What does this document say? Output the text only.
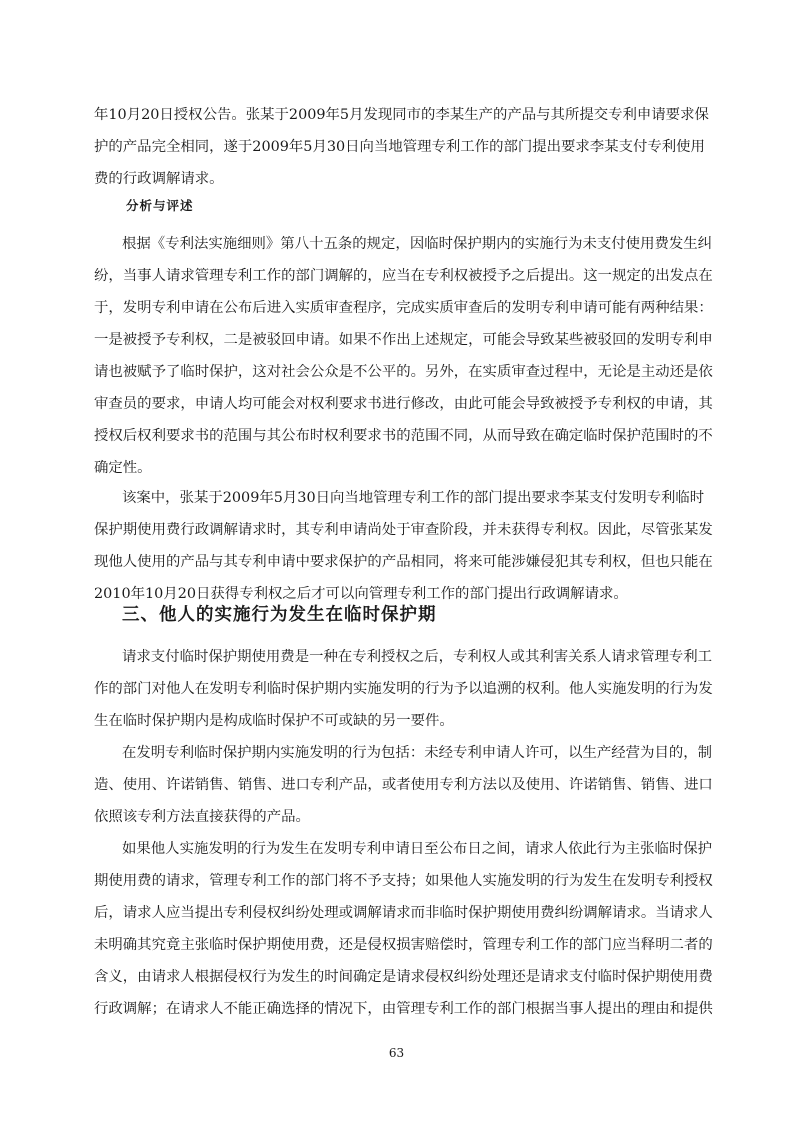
年10月20日授权公告。张某于2009年5月发现同市的李某生产的产品与其所提交专利申请要求保
护的产品完全相同，遂于2009年5月30日向当地管理专利工作的部门提出要求李某支付专利使用
费的行政调解请求。

分析与评述

根据《专利法实施细则》第八十五条的规定，因临时保护期内的实施行为未支付使用费发生纠
纷，当事人请求管理专利工作的部门调解的，应当在专利权被授予之后提出。这一规定的出发点在
于，发明专利申请在公布后进入实质审查程序，完成实质审查后的发明专利申请可能有两种结果：
一是被授予专利权，二是被驳回申请。如果不作出上述规定，可能会导致某些被驳回的发明专利申
请也被赋予了临时保护，这对社会公众是不公平的。另外，在实质审查过程中，无论是主动还是依
审查员的要求，申请人均可能会对权利要求书进行修改，由此可能会导致被授予专利权的申请，其
授权后权利要求书的范围与其公布时权利要求书的范围不同，从而导致在确定临时保护范围时的不
确定性。

该案中，张某于2009年5月30日向当地管理专利工作的部门提出要求李某支付发明专利临时
保护期使用费行政调解请求时，其专利申请尚处于审查阶段，并未获得专利权。因此，尽管张某发
现他人使用的产品与其专利申请中要求保护的产品相同，将来可能涉嫌侵犯其专利权，但也只能在
2010年10月20日获得专利权之后才可以向管理专利工作的部门提出行政调解请求。

三、他人的实施行为发生在临时保护期

请求支付临时保护期使用费是一种在专利授权之后，专利权人或其利害关系人请求管理专利工
作的部门对他人在发明专利临时保护期内实施发明的行为予以追溯的权利。他人实施发明的行为发
生在临时保护期内是构成临时保护不可或缺的另一要件。

在发明专利临时保护期内实施发明的行为包括：未经专利申请人许可，以生产经营为目的，制
造、使用、许诺销售、销售、进口专利产品，或者使用专利方法以及使用、许诺销售、销售、进口
依照该专利方法直接获得的产品。

如果他人实施发明的行为发生在发明专利申请日至公布日之间，请求人依此行为主张临时保护
期使用费的请求，管理专利工作的部门将不予支持；如果他人实施发明的行为发生在发明专利授权
后，请求人应当提出专利侵权纠纷处理或调解请求而非临时保护期使用费纠纷调解请求。当请求人
未明确其究竟主张临时保护期使用费，还是侵权损害赔偿时，管理专利工作的部门应当释明二者的
含义，由请求人根据侵权行为发生的时间确定是请求侵权纠纷处理还是请求支付临时保护期使用费
行政调解；在请求人不能正确选择的情况下，由管理专利工作的部门根据当事人提出的理由和提供

63
